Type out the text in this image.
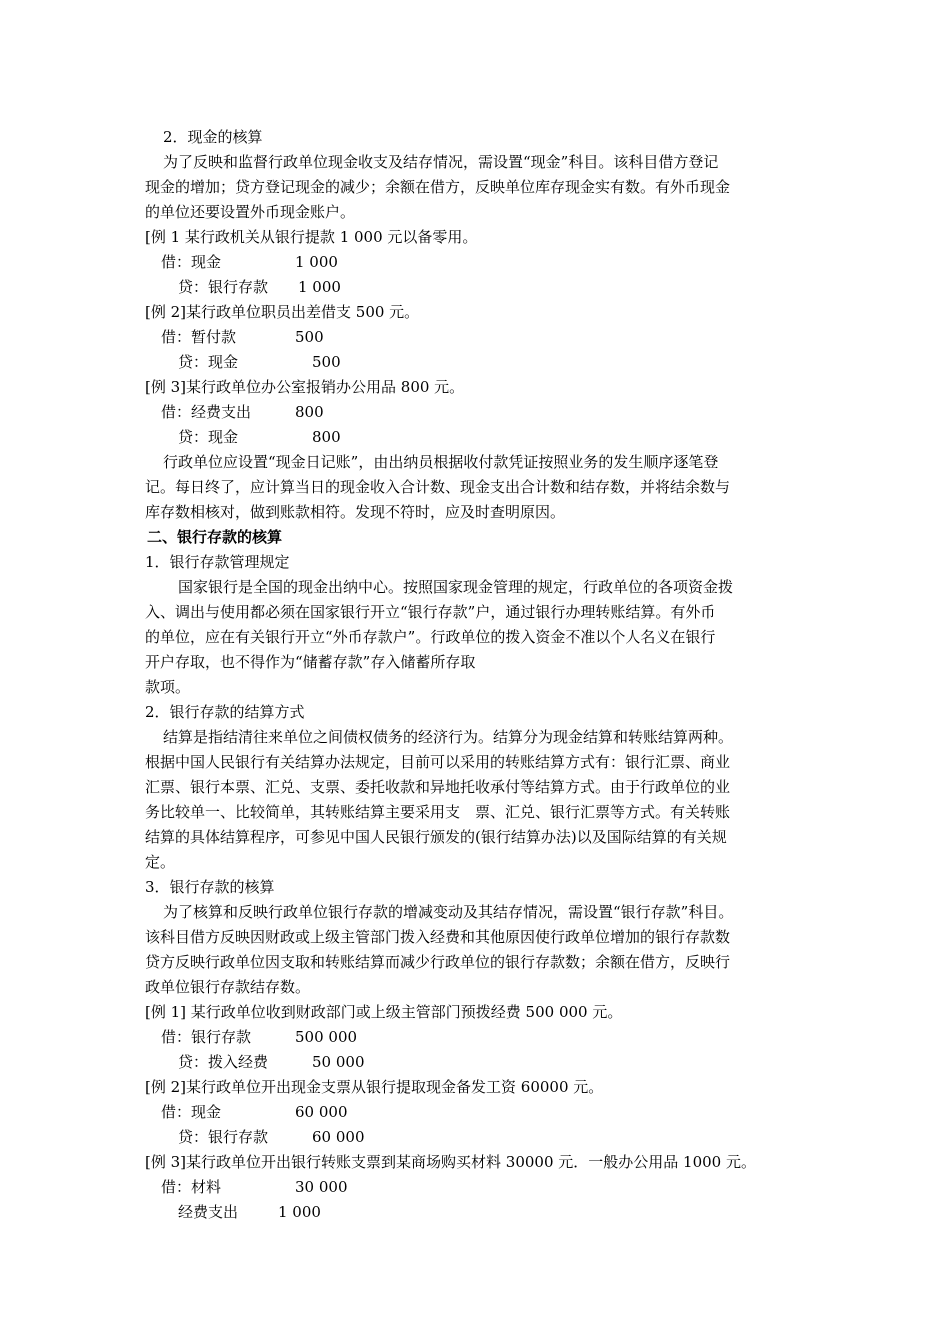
2．现金的核算
为了反映和监督行政单位现金收支及结存情况，需设置“现金”科目。该科目借方登记
现金的增加；贷方登记现金的减少；余额在借方，反映单位库存现金实有数。有外币现金
的单位还要设置外币现金账户。
[例 1 某行政机关从银行提款 1 000 元以备零用。
借：现金	1 000
贷：银行存款 1 000
[例 2]某行政单位职员出差借支 500 元。
借：暂付款	500
贷：现金	500
[例 3]某行政单位办公室报销办公用品 800 元。
借：经费支出	800
贷：现金	800
行政单位应设置“现金日记账”，由出纳员根据收付款凭证按照业务的发生顺序逐笔登
记。每日终了，应计算当日的现金收入合计数、现金支出合计数和结存数，并将结余数与
库存数相核对，做到账款相符。发现不符时，应及时查明原因。
二、银行存款的核算
1．银行存款管理规定
国家银行是全国的现金出纳中心。按照国家现金管理的规定，行政单位的各项资金拨
入、调出与使用都必须在国家银行开立“银行存款”户，通过银行办理转账结算。有外币
的单位，应在有关银行开立“外币存款户”。行政单位的拨入资金不准以个人名义在银行
开户存取，也不得作为“储蓄存款”存入储蓄所存取
款项。
2．银行存款的结算方式
结算是指结清往来单位之间债权债务的经济行为。结算分为现金结算和转账结算两种。
根据中国人民银行有关结算办法规定，目前可以采用的转账结算方式有：银行汇票、商业
汇票、银行本票、汇兑、支票、委托收款和异地托收承付等结算方式。由于行政单位的业
务比较单一、比较简单，其转账结算主要采用支　票、汇兑、银行汇票等方式。有关转账
结算的具体结算程序，可参见中国人民银行颁发的(银行结算办法)以及国际结算的有关规
定。
3．银行存款的核算
为了核算和反映行政单位银行存款的增减变动及其结存情况，需设置“银行存款”科目。
该科目借方反映因财政或上级主管部门拨入经费和其他原因使行政单位增加的银行存款数
贷方反映行政单位因支取和转账结算而减少行政单位的银行存款数；余额在借方，反映行
政单位银行存款结存数。
[例 1] 某行政单位收到财政部门或上级主管部门预拨经费 500 000 元。
借：银行存款	500 000
贷：拨入经费	50 000
[例 2]某行政单位开出现金支票从银行提取现金备发工资 60000 元。
借：现金	60 000
贷：银行存款	60 000
[例 3]某行政单位开出银行转账支票到某商场购买材料 30000 元．一般办公用品 1000 元。
借：材料	30 000
经费支出	1 000
